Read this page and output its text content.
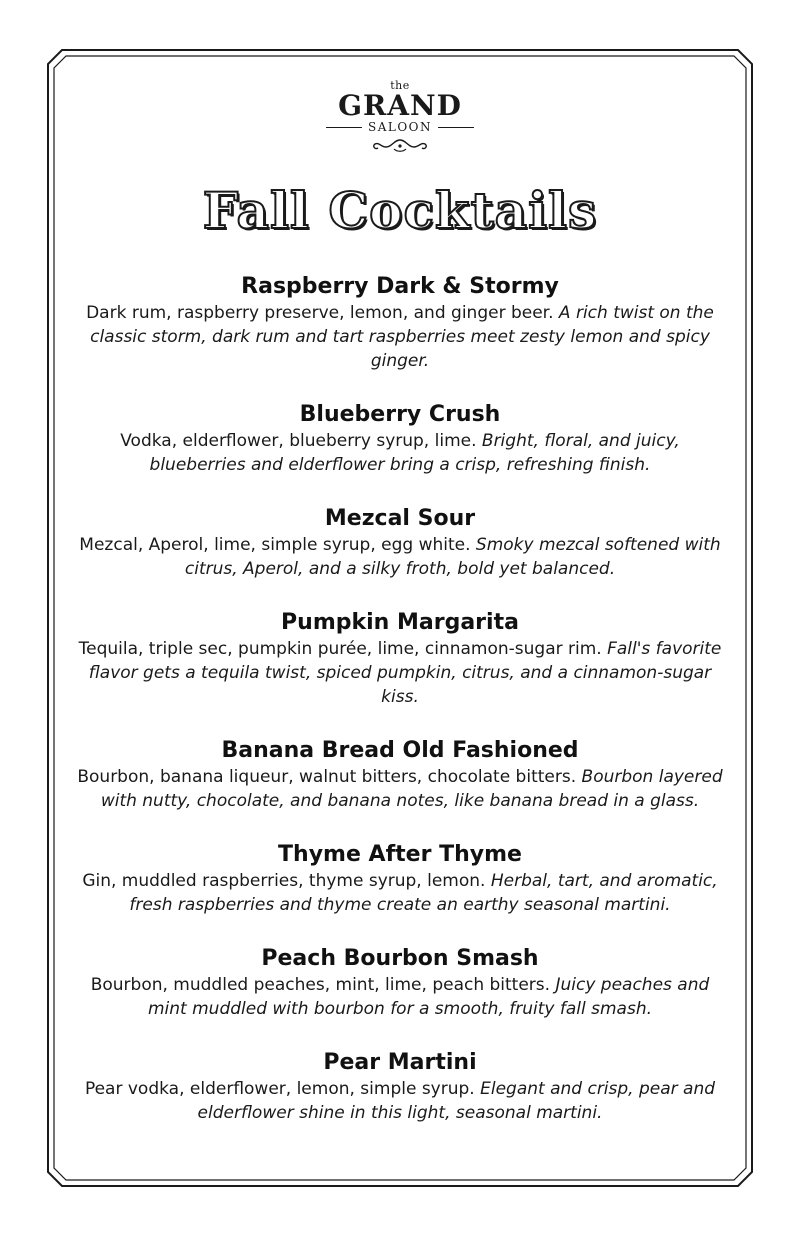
the
GRAND
SALOON
Fall Cocktails
Raspberry Dark & Stormy

Dark rum, raspberry preserve, lemon, and ginger beer. A rich twist on the classic storm, dark rum and tart raspberries meet zesty lemon and spicy ginger.

Blueberry Crush

Vodka, elderflower, blueberry syrup, lime. Bright, floral, and juicy, blueberries and elderflower bring a crisp, refreshing finish.

Mezcal Sour

Mezcal, Aperol, lime, simple syrup, egg white. Smoky mezcal softened with citrus, Aperol, and a silky froth, bold yet balanced.

Pumpkin Margarita

Tequila, triple sec, pumpkin purée, lime, cinnamon-sugar rim. Fall's favorite flavor gets a tequila twist, spiced pumpkin, citrus, and a cinnamon-sugar kiss.

Banana Bread Old Fashioned

Bourbon, banana liqueur, walnut bitters, chocolate bitters. Bourbon layered with nutty, chocolate, and banana notes, like banana bread in a glass.

Thyme After Thyme

Gin, muddled raspberries, thyme syrup, lemon. Herbal, tart, and aromatic, fresh raspberries and thyme create an earthy seasonal martini.

Peach Bourbon Smash

Bourbon, muddled peaches, mint, lime, peach bitters. Juicy peaches and mint muddled with bourbon for a smooth, fruity fall smash.

Pear Martini

Pear vodka, elderflower, lemon, simple syrup. Elegant and crisp, pear and elderflower shine in this light, seasonal martini.
